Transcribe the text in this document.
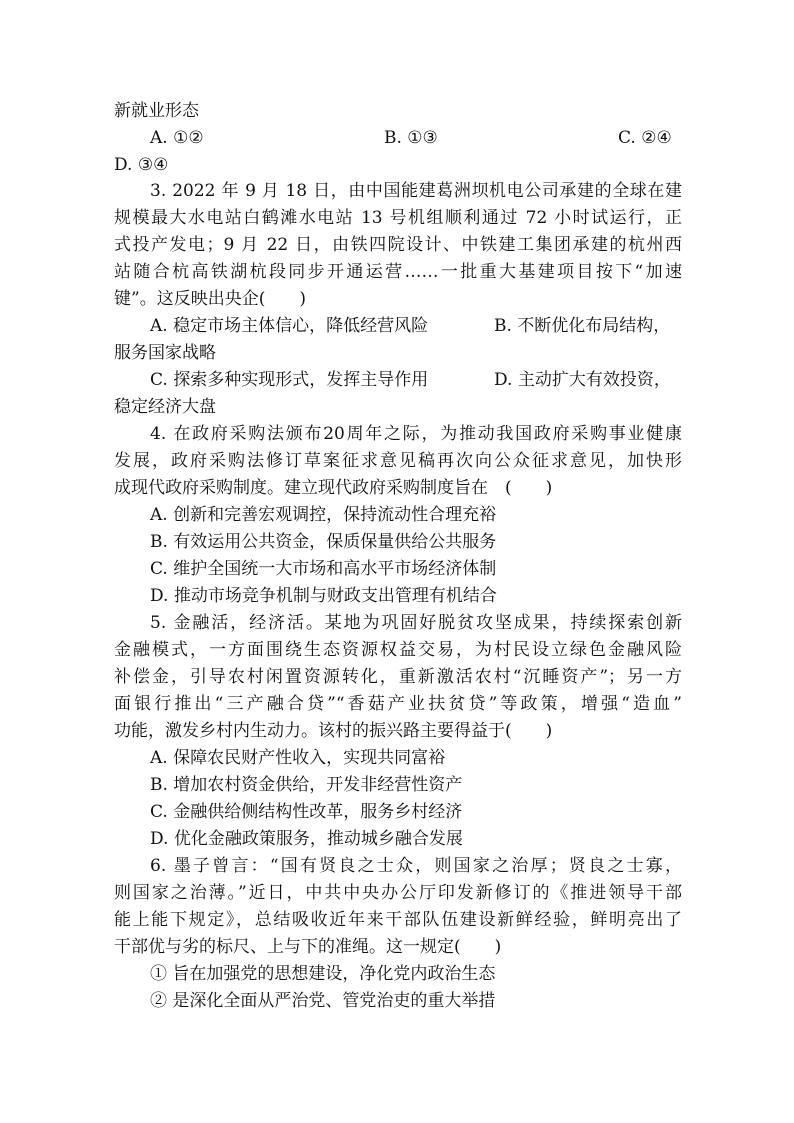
新就业形态
A. ①②	B. ①③	C. ②④
D. ③④
3. 2022 年 9 月 18 日，由中国能建葛洲坝机电公司承建的全球在建
规模最大水电站白鹤滩水电站 13 号机组顺利通过 72 小时试运行，正
式投产发电；9 月 22 日，由铁四院设计、中铁建工集团承建的杭州西
站随合杭高铁湖杭段同步开通运营……一批重大基建项目按下“加速
键”。这反映出央企(　　)
A. 稳定市场主体信心，降低经营风险	B. 不断优化布局结构，
服务国家战略
C. 探索多种实现形式，发挥主导作用	D. 主动扩大有效投资，
稳定经济大盘
4. 在政府采购法颁布20周年之际，为推动我国政府采购事业健康
发展，政府采购法修订草案征求意见稿再次向公众征求意见，加快形
成现代政府采购制度。建立现代政府采购制度旨在　(　　)
A. 创新和完善宏观调控，保持流动性合理充裕
B. 有效运用公共资金，保质保量供给公共服务
C. 维护全国统一大市场和高水平市场经济体制
D. 推动市场竞争机制与财政支出管理有机结合
5. 金融活，经济活。某地为巩固好脱贫攻坚成果，持续探索创新
金融模式，一方面围绕生态资源权益交易，为村民设立绿色金融风险
补偿金，引导农村闲置资源转化，重新激活农村“沉睡资产”；另一方
面银行推出“三产融合贷”“香菇产业扶贫贷”等政策，增强“造血”
功能，激发乡村内生动力。该村的振兴路主要得益于(　　)
A. 保障农民财产性收入，实现共同富裕
B. 增加农村资金供给，开发非经营性资产
C. 金融供给侧结构性改革，服务乡村经济
D. 优化金融政策服务，推动城乡融合发展
6. 墨子曾言：“国有贤良之士众，则国家之治厚；贤良之士寡，
则国家之治薄。”近日，中共中央办公厅印发新修订的《推进领导干部
能上能下规定》，总结吸收近年来干部队伍建设新鲜经验，鲜明亮出了
干部优与劣的标尺、上与下的准绳。这一规定(　　)
① 旨在加强党的思想建设，净化党内政治生态
② 是深化全面从严治党、管党治吏的重大举措
